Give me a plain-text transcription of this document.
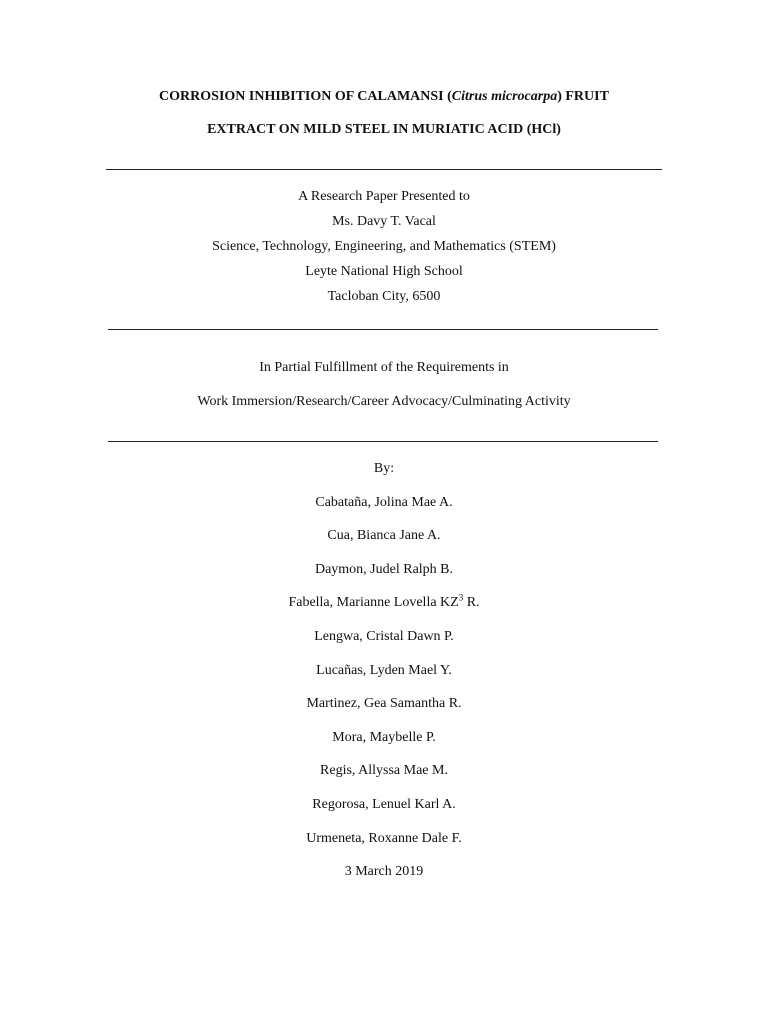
CORROSION INHIBITION OF CALAMANSI (Citrus microcarpa) FRUIT
EXTRACT ON MILD STEEL IN MURIATIC ACID (HCl)
A Research Paper Presented to
Ms. Davy T. Vacal
Science, Technology, Engineering, and Mathematics (STEM)
Leyte National High School
Tacloban City, 6500
In Partial Fulfillment of the Requirements in
Work Immersion/Research/Career Advocacy/Culminating Activity
By:
Cabataña, Jolina Mae A.
Cua, Bianca Jane A.
Daymon, Judel Ralph B.
Fabella, Marianne Lovella $KZ^3$ R.
Lengwa, Cristal Dawn P.
Lucañas, Lyden Mael Y.
Martinez, Gea Samantha R.
Mora, Maybelle P.
Regis, Allyssa Mae M.
Regorosa, Lenuel Karl A.
Urmeneta, Roxanne Dale F.
3 March 2019
